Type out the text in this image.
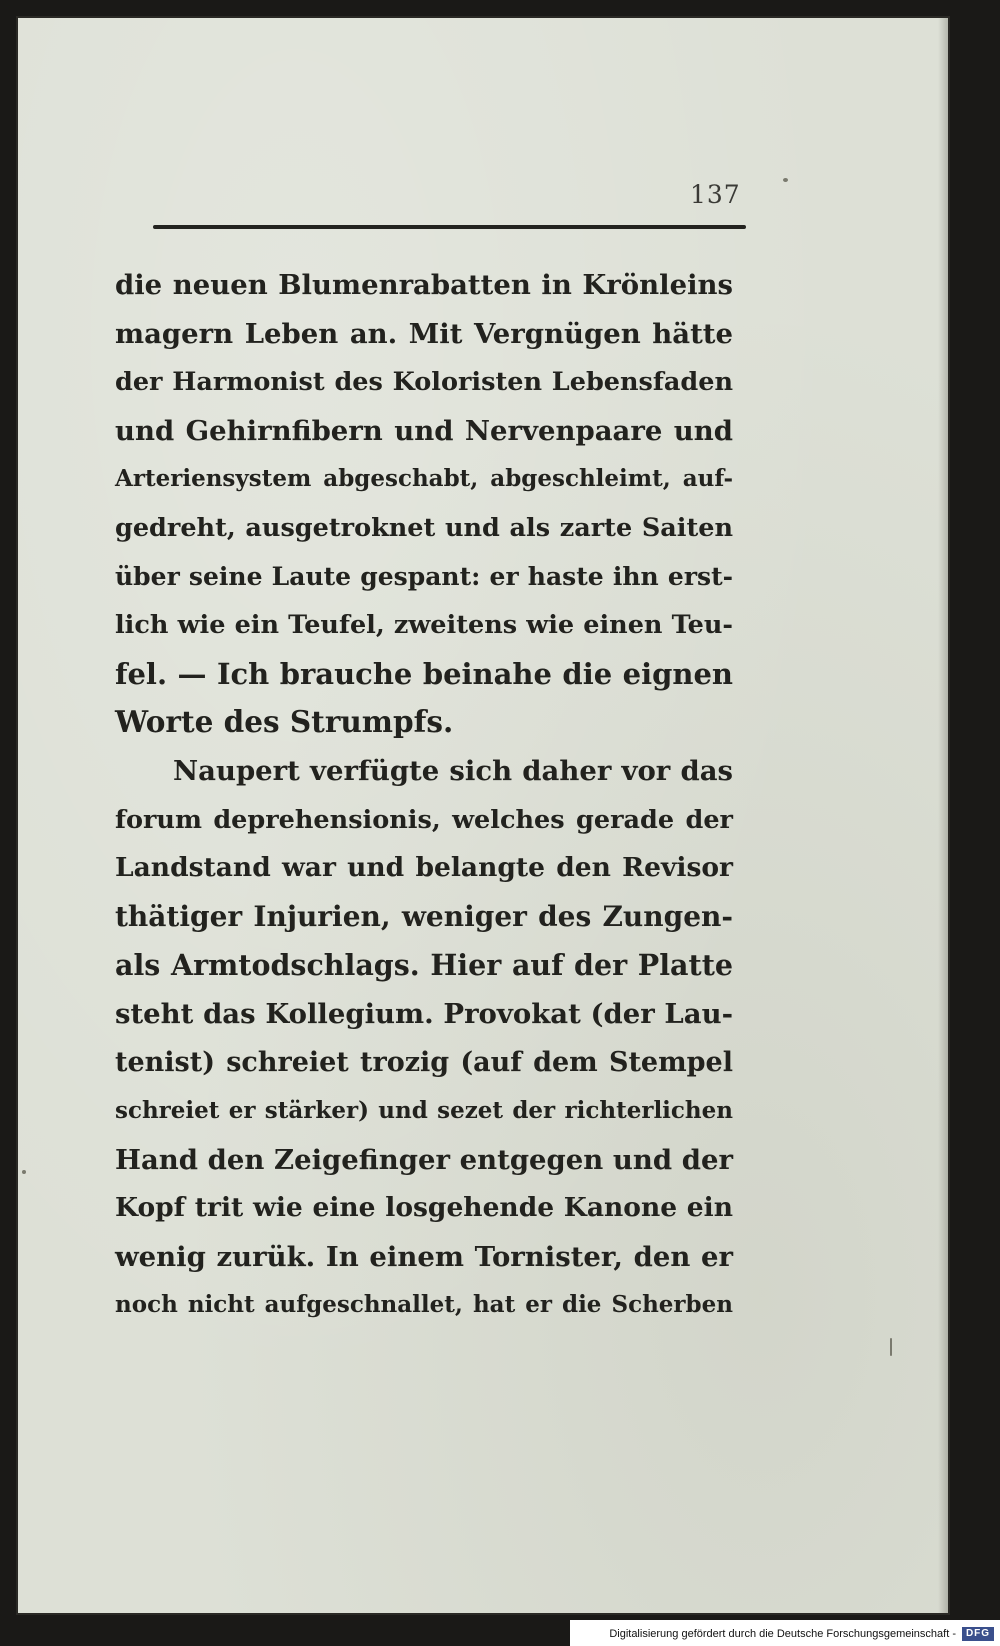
137
die neuen Blumenrabatten in Krönleins
magern Leben an. Mit Vergnügen hätte
der Harmonist des Koloristen Lebensfaden
und Gehirnfibern und Nervenpaare und
Arteriensystem abgeschabt, abgeschleimt, auf-
gedreht, ausgetroknet und als zarte Saiten
über seine Laute gespant: er haste ihn erst-
lich wie ein Teufel, zweitens wie einen Teu-
fel. — Ich brauche beinahe die eignen
Worte des Strumpfs.
Naupert verfügte sich daher vor das
forum deprehensionis, welches gerade der
Landstand war und belangte den Revisor
thätiger Injurien, weniger des Zungen-
als Armtodschlags. Hier auf der Platte
steht das Kollegium. Provokat (der Lau-
tenist) schreiet trozig (auf dem Stempel
schreiet er stärker) und sezet der richterlichen
Hand den Zeigefinger entgegen und der
Kopf trit wie eine losgehende Kanone ein
wenig zurük. In einem Tornister, den er
noch nicht aufgeschnallet, hat er die Scherben
Digitalisierung gefördert durch die Deutsche Forschungsgemeinschaft - DFG
